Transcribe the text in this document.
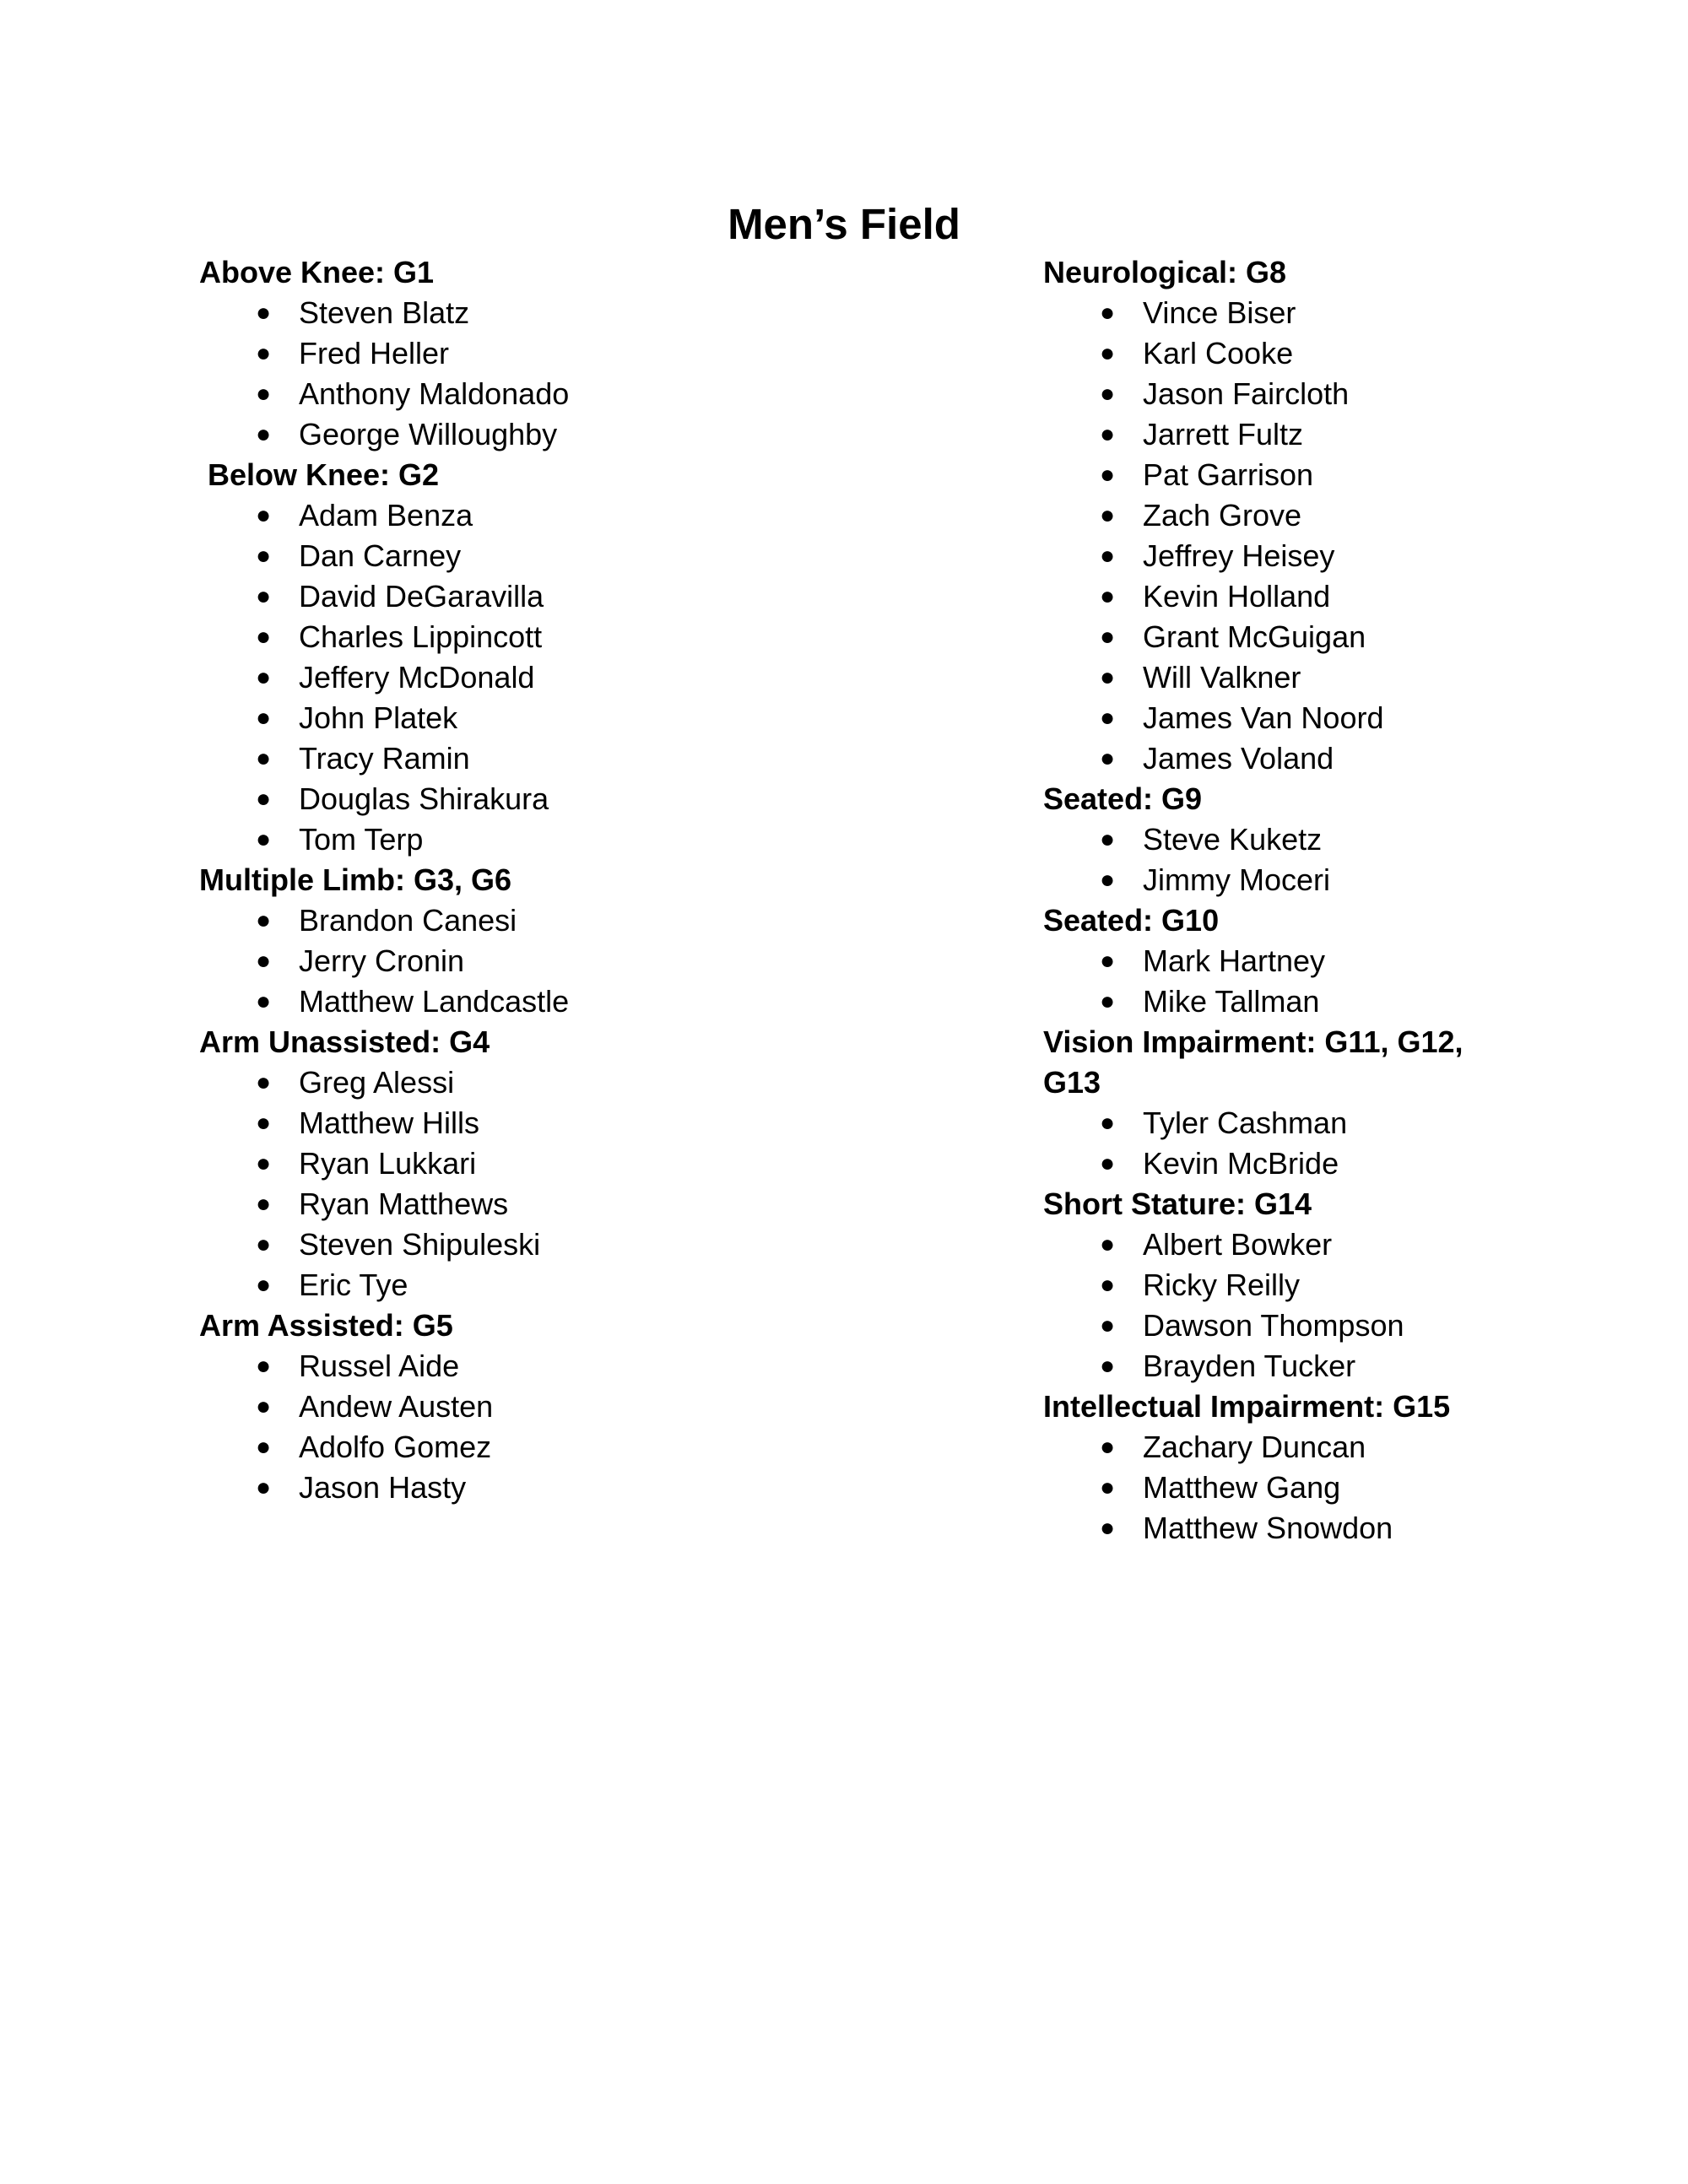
Men’s Field
Above Knee: G1
● Steven Blatz
● Fred Heller
● Anthony Maldonado
● George Willoughby
Below Knee: G2
● Adam Benza
● Dan Carney
● David DeGaravilla
● Charles Lippincott
● Jeffery McDonald
● John Platek
● Tracy Ramin
● Douglas Shirakura
● Tom Terp
Multiple Limb: G3, G6
● Brandon Canesi
● Jerry Cronin
● Matthew Landcastle
Arm Unassisted: G4
● Greg Alessi
● Matthew Hills
● Ryan Lukkari
● Ryan Matthews
● Steven Shipuleski
● Eric Tye
Arm Assisted: G5
● Russel Aide
● Andew Austen
● Adolfo Gomez
● Jason Hasty
Neurological: G8
● Vince Biser
● Karl Cooke
● Jason Faircloth
● Jarrett Fultz
● Pat Garrison
● Zach Grove
● Jeffrey Heisey
● Kevin Holland
● Grant McGuigan
● Will Valkner
● James Van Noord
● James Voland
Seated: G9
● Steve Kuketz
● Jimmy Moceri
Seated: G10
● Mark Hartney
● Mike Tallman
Vision Impairment: G11, G12, G13
● Tyler Cashman
● Kevin McBride
Short Stature: G14
● Albert Bowker
● Ricky Reilly
● Dawson Thompson
● Brayden Tucker
Intellectual Impairment: G15
● Zachary Duncan
● Matthew Gang
● Matthew Snowdon
